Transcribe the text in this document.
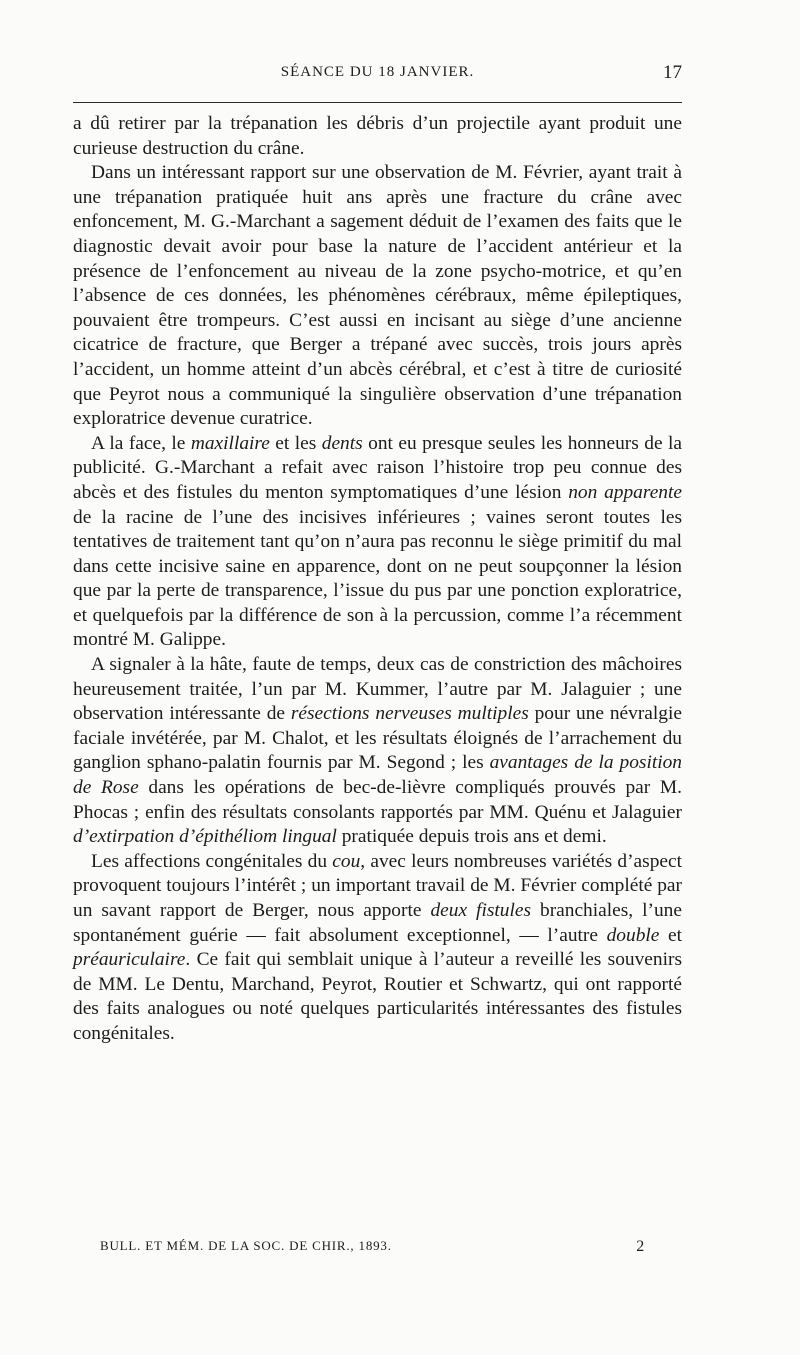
SÉANCE DU 18 JANVIER.	17

a dû retirer par la trépanation les débris d’un projectile ayant produit une curieuse destruction du crâne.

Dans un intéressant rapport sur une observation de M. Février, ayant trait à une trépanation pratiquée huit ans après une fracture du crâne avec enfoncement, M. G.-Marchant a sagement déduit de l’examen des faits que le diagnostic devait avoir pour base la nature de l’accident antérieur et la présence de l’enfoncement au niveau de la zone psycho-motrice, et qu’en l’absence de ces données, les phénomènes cérébraux, même épileptiques, pouvaient être trompeurs. C’est aussi en incisant au siège d’une ancienne cicatrice de fracture, que Berger a trépané avec succès, trois jours après l’accident, un homme atteint d’un abcès cérébral, et c’est à titre de curiosité que Peyrot nous a communiqué la singulière observation d’une trépanation exploratrice devenue curatrice.

A la face, le maxillaire et les dents ont eu presque seules les honneurs de la publicité. G.-Marchant a refait avec raison l’histoire trop peu connue des abcès et des fistules du menton symptomatiques d’une lésion non apparente de la racine de l’une des incisives inférieures ; vaines seront toutes les tentatives de traitement tant qu’on n’aura pas reconnu le siège primitif du mal dans cette incisive saine en apparence, dont on ne peut soupçonner la lésion que par la perte de transparence, l’issue du pus par une ponction exploratrice, et quelquefois par la différence de son à la percussion, comme l’a récemment montré M. Galippe.

A signaler à la hâte, faute de temps, deux cas de constriction des mâchoires heureusement traitée, l’un par M. Kummer, l’autre par M. Jalaguier ; une observation intéressante de résections nerveuses multiples pour une névralgie faciale invétérée, par M. Chalot, et les résultats éloignés de l’arrachement du ganglion sphano-palatin fournis par M. Segond ; les avantages de la position de Rose dans les opérations de bec-de-lièvre compliqués prouvés par M. Phocas ; enfin des résultats consolants rapportés par MM. Quénu et Jalaguier d’extirpation d’épithéliom lingual pratiquée depuis trois ans et demi.

Les affections congénitales du cou, avec leurs nombreuses variétés d’aspect provoquent toujours l’intérêt ; un important travail de M. Février complété par un savant rapport de Berger, nous apporte deux fistules branchiales, l’une spontanément guérie — fait absolument exceptionnel, — l’autre double et préauriculaire. Ce fait qui semblait unique à l’auteur a reveillé les souvenirs de MM. Le Dentu, Marchand, Peyrot, Routier et Schwartz, qui ont rapporté des faits analogues ou noté quelques particularités intéressantes des fistules congénitales.

BULL. ET MÉM. DE LA SOC. DE CHIR., 1893.	2
